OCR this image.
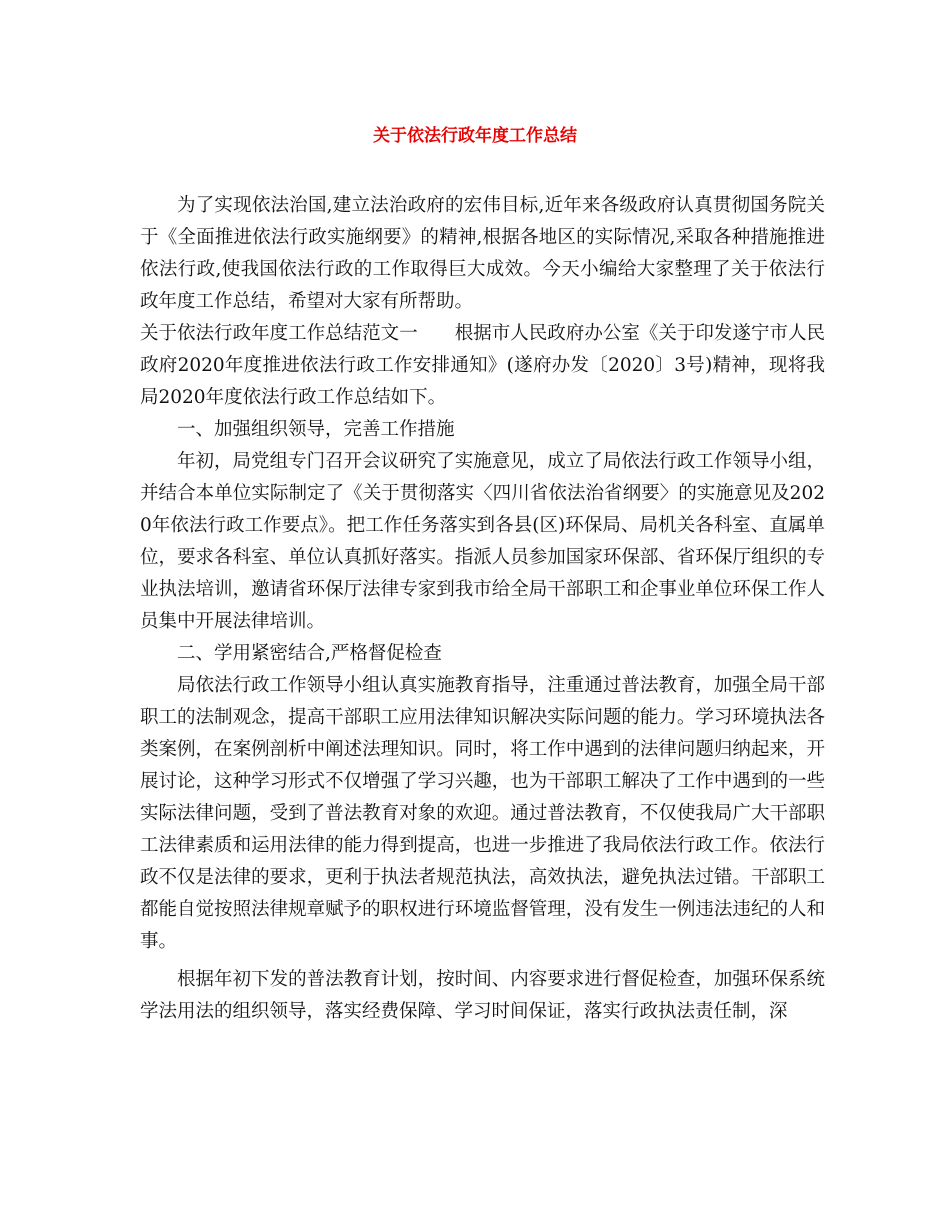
关于依法行政年度工作总结

为了实现依法治国,建立法治政府的宏伟目标,近年来各级政府认真贯彻国务院关于《全面推进依法行政实施纲要》的精神,根据各地区的实际情况,采取各种措施推进依法行政,使我国依法行政的工作取得巨大成效。今天小编给大家整理了关于依法行政年度工作总结，希望对大家有所帮助。

关于依法行政年度工作总结范文一　　根据市人民政府办公室《关于印发遂宁市人民政府2020年度推进依法行政工作安排通知》(遂府办发〔2020〕3号)精神，现将我局2020年度依法行政工作总结如下。

一、加强组织领导，完善工作措施

年初，局党组专门召开会议研究了实施意见，成立了局依法行政工作领导小组，并结合本单位实际制定了《关于贯彻落实〈四川省依法治省纲要〉的实施意见及2020年依法行政工作要点》。把工作任务落实到各县(区)环保局、局机关各科室、直属单位，要求各科室、单位认真抓好落实。指派人员参加国家环保部、省环保厅组织的专业执法培训，邀请省环保厅法律专家到我市给全局干部职工和企事业单位环保工作人员集中开展法律培训。

二、学用紧密结合,严格督促检查

局依法行政工作领导小组认真实施教育指导，注重通过普法教育，加强全局干部职工的法制观念，提高干部职工应用法律知识解决实际问题的能力。学习环境执法各类案例，在案例剖析中阐述法理知识。同时，将工作中遇到的法律问题归纳起来，开展讨论，这种学习形式不仅增强了学习兴趣，也为干部职工解决了工作中遇到的一些实际法律问题，受到了普法教育对象的欢迎。通过普法教育，不仅使我局广大干部职工法律素质和运用法律的能力得到提高，也进一步推进了我局依法行政工作。依法行政不仅是法律的要求，更利于执法者规范执法，高效执法，避免执法过错。干部职工都能自觉按照法律规章赋予的职权进行环境监督管理，没有发生一例违法违纪的人和事。

根据年初下发的普法教育计划，按时间、内容要求进行督促检查，加强环保系统学法用法的组织领导，落实经费保障、学习时间保证，落实行政执法责任制，深
